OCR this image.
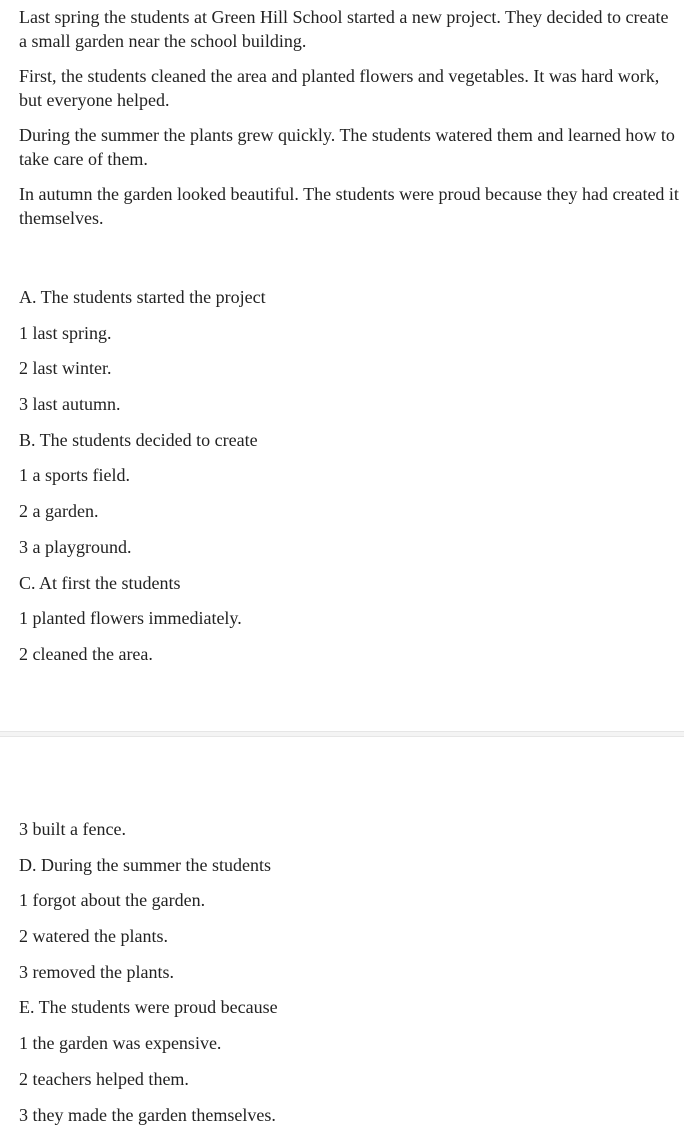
Last spring the students at Green Hill School started a new project. They decided to create a small garden near the school building.

First, the students cleaned the area and planted flowers and vegetables. It was hard work, but everyone helped.

During the summer the plants grew quickly. The students watered them and learned how to take care of them.

In autumn the garden looked beautiful. The students were proud because they had created it themselves.

A. The students started the project

1 last spring.

2 last winter.

3 last autumn.

B. The students decided to create

1 a sports field.

2 a garden.

3 a playground.

C. At first the students

1 planted flowers immediately.

2 cleaned the area.

3 built a fence.

D. During the summer the students

1 forgot about the garden.

2 watered the plants.

3 removed the plants.

E. The students were proud because

1 the garden was expensive.

2 teachers helped them.

3 they made the garden themselves.
